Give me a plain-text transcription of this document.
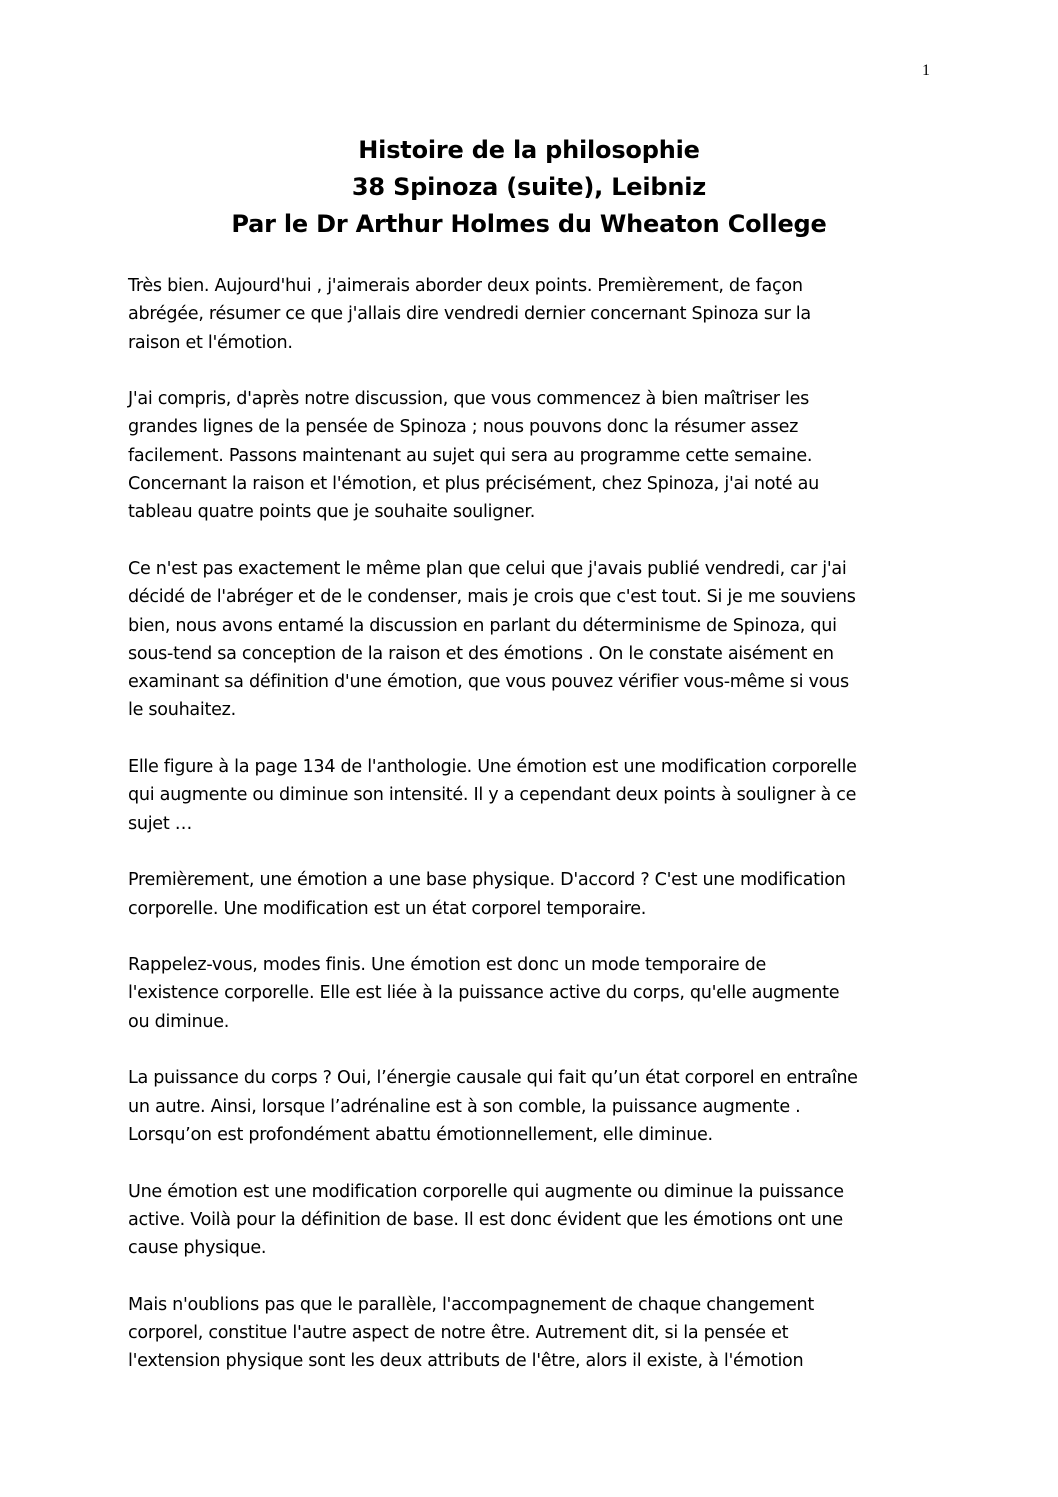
1
Histoire de la philosophie
38 Spinoza (suite), Leibniz
Par le Dr Arthur Holmes du Wheaton College

Très bien. Aujourd'hui , j'aimerais aborder deux points. Premièrement, de façon
abrégée, résumer ce que j'allais dire vendredi dernier concernant Spinoza sur la
raison et l'émotion.

J'ai compris, d'après notre discussion, que vous commencez à bien maîtriser les
grandes lignes de la pensée de Spinoza ; nous pouvons donc la résumer assez
facilement. Passons maintenant au sujet qui sera au programme cette semaine.
Concernant la raison et l'émotion, et plus précisément, chez Spinoza, j'ai noté au
tableau quatre points que je souhaite souligner.

Ce n'est pas exactement le même plan que celui que j'avais publié vendredi, car j'ai
décidé de l'abréger et de le condenser, mais je crois que c'est tout. Si je me souviens
bien, nous avons entamé la discussion en parlant du déterminisme de Spinoza, qui
sous-tend sa conception de la raison et des émotions . On le constate aisément en
examinant sa définition d'une émotion, que vous pouvez vérifier vous-même si vous
le souhaitez.

Elle figure à la page 134 de l'anthologie. Une émotion est une modification corporelle
qui augmente ou diminue son intensité. Il y a cependant deux points à souligner à ce
sujet …

Premièrement, une émotion a une base physique. D'accord ? C'est une modification
corporelle. Une modification est un état corporel temporaire.

Rappelez-vous, modes finis. Une émotion est donc un mode temporaire de
l'existence corporelle. Elle est liée à la puissance active du corps, qu'elle augmente
ou diminue.

La puissance du corps ? Oui, l’énergie causale qui fait qu’un état corporel en entraîne
un autre. Ainsi, lorsque l’adrénaline est à son comble, la puissance augmente .
Lorsqu’on est profondément abattu émotionnellement, elle diminue.

Une émotion est une modification corporelle qui augmente ou diminue la puissance
active. Voilà pour la définition de base. Il est donc évident que les émotions ont une
cause physique.

Mais n'oublions pas que le parallèle, l'accompagnement de chaque changement
corporel, constitue l'autre aspect de notre être. Autrement dit, si la pensée et
l'extension physique sont les deux attributs de l'être, alors il existe, à l'émotion
